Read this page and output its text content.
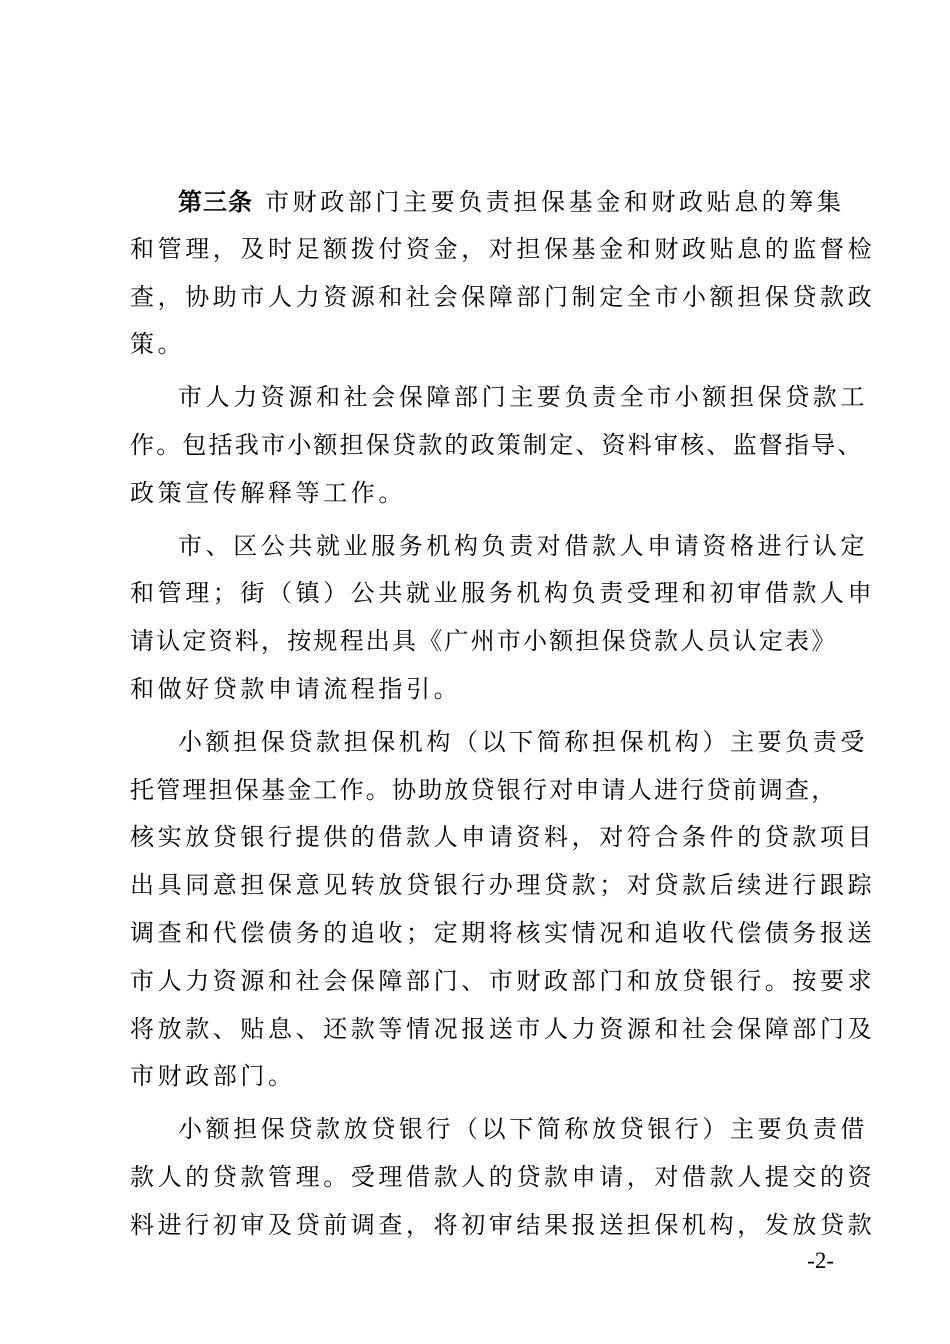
第三条 市财政部门主要负责担保基金和财政贴息的筹集
和管理，及时足额拨付资金，对担保基金和财政贴息的监督检
查，协助市人力资源和社会保障部门制定全市小额担保贷款政
策。
市人力资源和社会保障部门主要负责全市小额担保贷款工
作。包括我市小额担保贷款的政策制定、资料审核、监督指导、
政策宣传解释等工作。
市、区公共就业服务机构负责对借款人申请资格进行认定
和管理；街（镇）公共就业服务机构负责受理和初审借款人申
请认定资料，按规程出具《广州市小额担保贷款人员认定表》
和做好贷款申请流程指引。
小额担保贷款担保机构（以下简称担保机构）主要负责受
托管理担保基金工作。协助放贷银行对申请人进行贷前调查，
核实放贷银行提供的借款人申请资料，对符合条件的贷款项目
出具同意担保意见转放贷银行办理贷款；对贷款后续进行跟踪
调查和代偿债务的追收；定期将核实情况和追收代偿债务报送
市人力资源和社会保障部门、市财政部门和放贷银行。按要求
将放款、贴息、还款等情况报送市人力资源和社会保障部门及
市财政部门。
小额担保贷款放贷银行（以下简称放贷银行）主要负责借
款人的贷款管理。受理借款人的贷款申请，对借款人提交的资
料进行初审及贷前调查，将初审结果报送担保机构，发放贷款
-2-
